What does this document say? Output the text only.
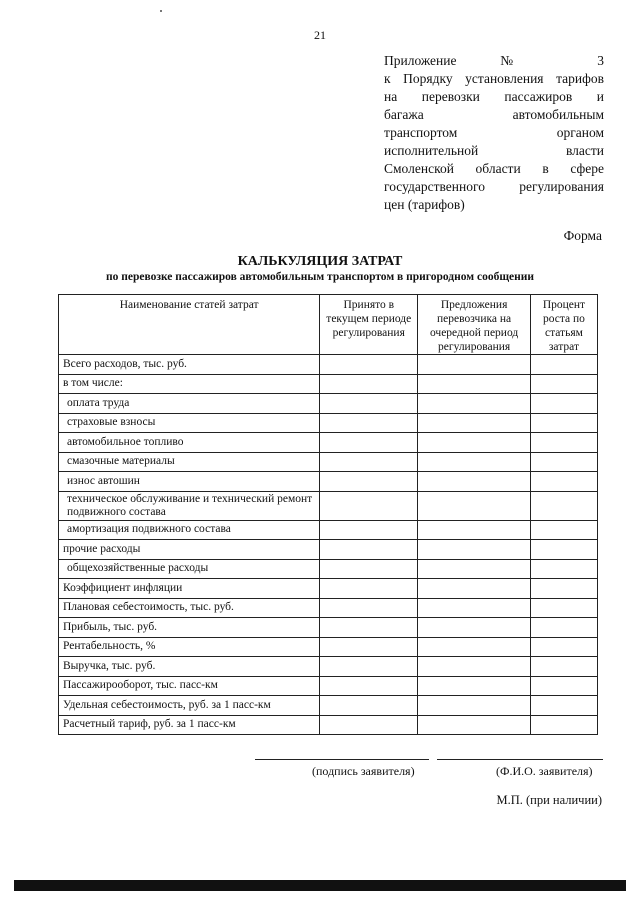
21
Приложение № 3
к Порядку установления тарифов
на перевозки пассажиров и
багажа автомобильным
транспортом органом
исполнительной власти
Смоленской области в сфере
государственного регулирования
цен (тарифов)
Форма
КАЛЬКУЛЯЦИЯ ЗАТРАТ
по перевозке пассажиров автомобильным транспортом в пригородном сообщении
Наименование статей затрат	Принято в текущем периоде регулирования	Предложения перевозчика на очередной период регулирования	Процент роста по статьям затрат
Всего расходов, тыс. руб.			
в том числе:			
оплата труда			
страховые взносы			
автомобильное топливо			
смазочные материалы			
износ автошин			
техническое обслуживание и технический ремонт подвижного состава			
амортизация подвижного состава			
прочие расходы			
общехозяйственные расходы			
Коэффициент инфляции			
Плановая себестоимость, тыс. руб.			
Прибыль, тыс. руб.			
Рентабельность, %			
Выручка, тыс. руб.			
Пассажирооборот, тыс. пасс-км			
Удельная себестоимость, руб. за 1 пасс-км			
Расчетный тариф, руб. за 1 пасс-км			
(подпись заявителя)	(Ф.И.О. заявителя)
М.П. (при наличии)
